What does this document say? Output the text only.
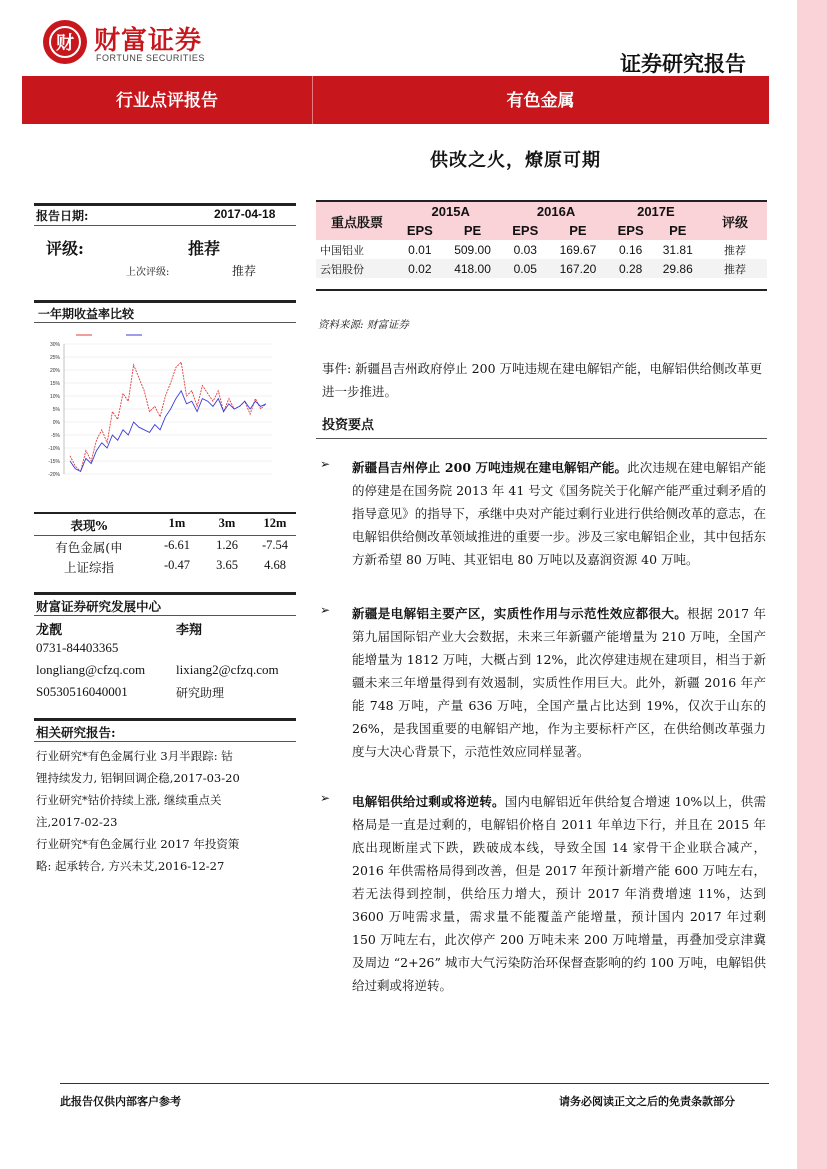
财 财富证券
FORTUNE SECURITIES	证券研究报告
行业点评报告	有色金属
供改之火，燎原可期
报告日期:	2017-04-18
评级:	推荐
上次评级:	推荐
一年期收益率比较
30%
25%
20%
15%
10%
5%
0%
-5%
-10%
-15%
-20%
表现%	1m	3m	12m
有色金属(申	-6.61	1.26	-7.54
上证综指	-0.47	3.65	4.68
财富证券研究发展中心
龙靓	李翔
0731-84403365
longliang@cfzq.com lixiang2@cfzq.com
S0530516040001	研究助理
相关研究报告:
行业研究*有色金属行业 3月半跟踪: 钴
锂持续发力, 铝铜回调企稳,2017-03-20
行业研究*钴价持续上涨, 继续重点关
注,2017-02-23
行业研究*有色金属行业 2017 年投资策
略: 起承转合, 方兴未艾,2016-12-27
重点股票	2015A		2016A		2017E		评级
	EPS	PE	EPS	PE	EPS	PE	
中国铝业	0.01	509.00	0.03	169.67	0.16	31.81	推荐
云铝股份	0.02	418.00	0.05	167.20	0.28	29.86	推荐
资料来源: 财富证券
事件: 新疆昌吉州政府停止 200 万吨违规在建电解铝产能，电解铝供给侧改革更进一步推进。
投资要点
➢ 新疆昌吉州停止 200 万吨违规在建电解铝产能。此次违规在建电解铝产能的停建是在国务院 2013 年 41 号文《国务院关于化解产能严重过剩矛盾的指导意见》的指导下，承继中央对产能过剩行业进行供给侧改革的意志，在电解铝供给侧改革领域推进的重要一步。涉及三家电解铝企业，其中包括东方新希望 80 万吨、其亚铝电 80 万吨以及嘉润资源 40 万吨。
➢ 新疆是电解铝主要产区，实质性作用与示范性效应都很大。根据 2017 年第九届国际铝产业大会数据，未来三年新疆产能增量为 210 万吨，全国产能增量为 1812 万吨，大概占到 12%，此次停建违规在建项目，相当于新疆未来三年增量得到有效遏制，实质性作用巨大。此外，新疆 2016 年产能 748 万吨，产量 636 万吨，全国产量占比达到 19%，仅次于山东的 26%，是我国重要的电解铝产地，作为主要标杆产区，在供给侧改革强力度与大决心背景下，示范性效应同样显著。
➢ 电解铝供给过剩或将逆转。国内电解铝近年供给复合增速 10%以上，供需格局是一直是过剩的，电解铝价格自 2011 年单边下行，并且在 2015 年底出现断崖式下跌，跌破成本线，导致全国 14 家骨干企业联合减产，2016 年供需格局得到改善，但是 2017 年预计新增产能 600 万吨左右，若无法得到控制，供给压力增大，预计 2017 年消费增速 11%，达到 3600 万吨需求量，需求量不能覆盖产能增量，预计国内 2017 年过剩 150 万吨左右，此次停产 200 万吨未来 200 万吨增量，再叠加受京津冀及周边 “2+26” 城市大气污染防治环保督查影响的约 100 万吨，电解铝供给过剩或将逆转。
此报告仅供内部客户参考	请务必阅读正文之后的免责条款部分
